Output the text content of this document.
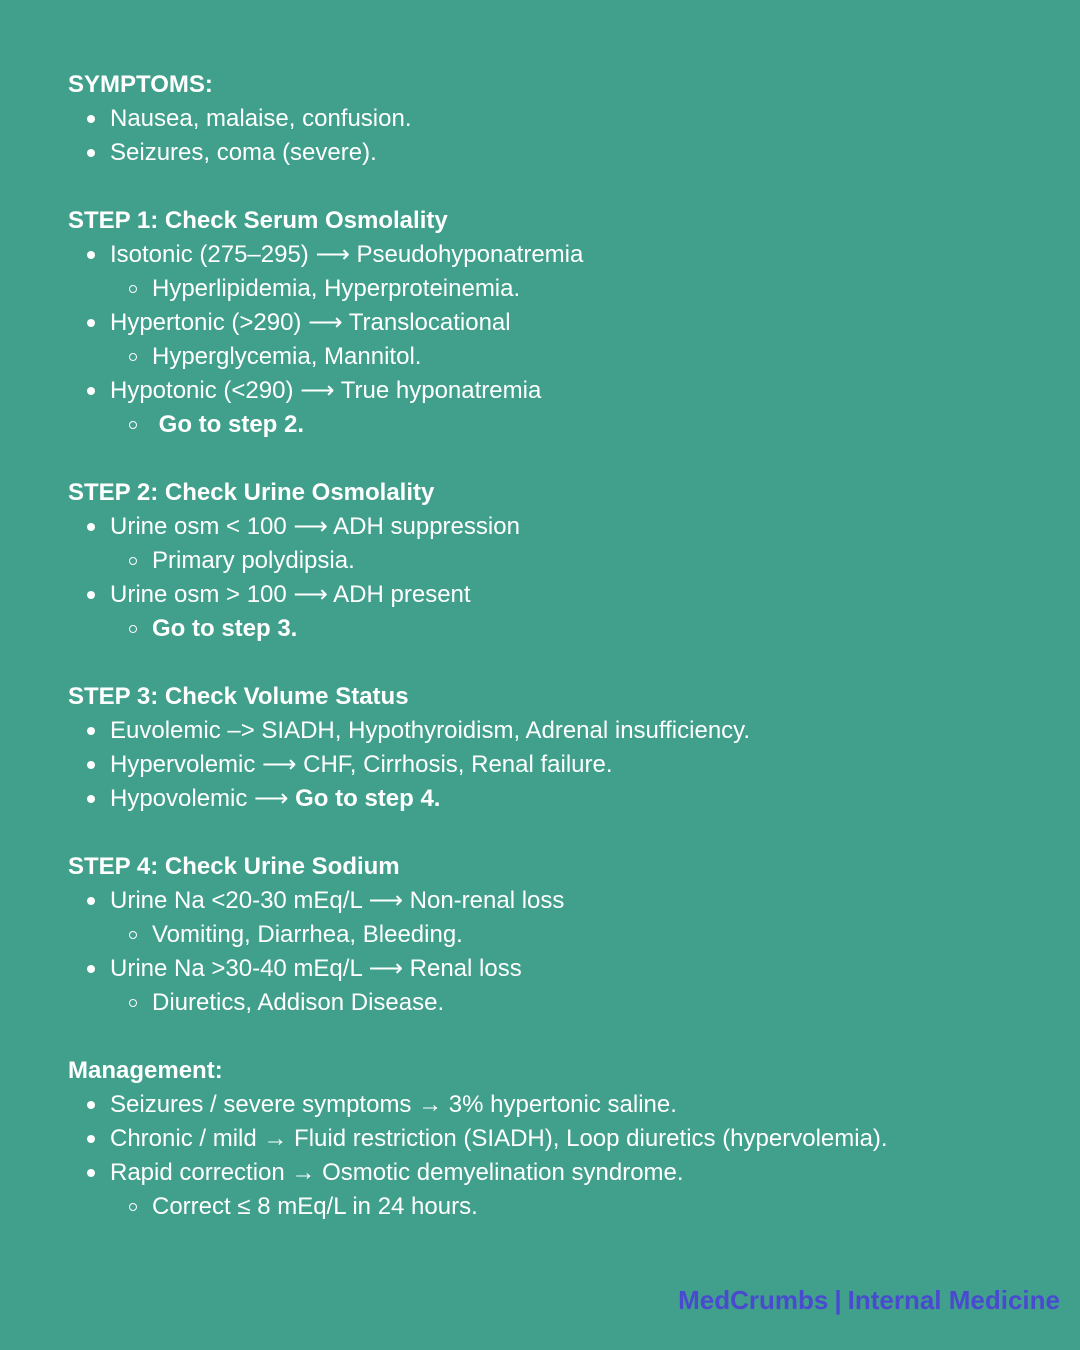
SYMPTOMS:
Nausea, malaise, confusion.
Seizures, coma (severe).
STEP 1: Check Serum Osmolality
Isotonic (275–295) ⟶ Pseudohyponatremia
Hyperlipidemia, Hyperproteinemia.
Hypertonic (>290) ⟶ Translocational
Hyperglycemia, Mannitol.
Hypotonic (<290) ⟶ True hyponatremia
Go to step 2.
STEP 2: Check Urine Osmolality
Urine osm < 100 ⟶ ADH suppression
Primary polydipsia.
Urine osm > 100 ⟶ ADH present
Go to step 3.
STEP 3: Check Volume Status
Euvolemic –> SIADH, Hypothyroidism, Adrenal insufficiency.
Hypervolemic ⟶ CHF, Cirrhosis, Renal failure.
Hypovolemic ⟶ Go to step 4.
STEP 4: Check Urine Sodium
Urine Na <20-30 mEq/L ⟶ Non-renal loss
Vomiting, Diarrhea, Bleeding.
Urine Na >30-40 mEq/L ⟶ Renal loss
Diuretics, Addison Disease.
Management:
Seizures / severe symptoms → 3% hypertonic saline.
Chronic / mild → Fluid restriction (SIADH), Loop diuretics (hypervolemia).
Rapid correction → Osmotic demyelination syndrome.
Correct ≤ 8 mEq/L in 24 hours.
MedCrumbs | Internal Medicine
